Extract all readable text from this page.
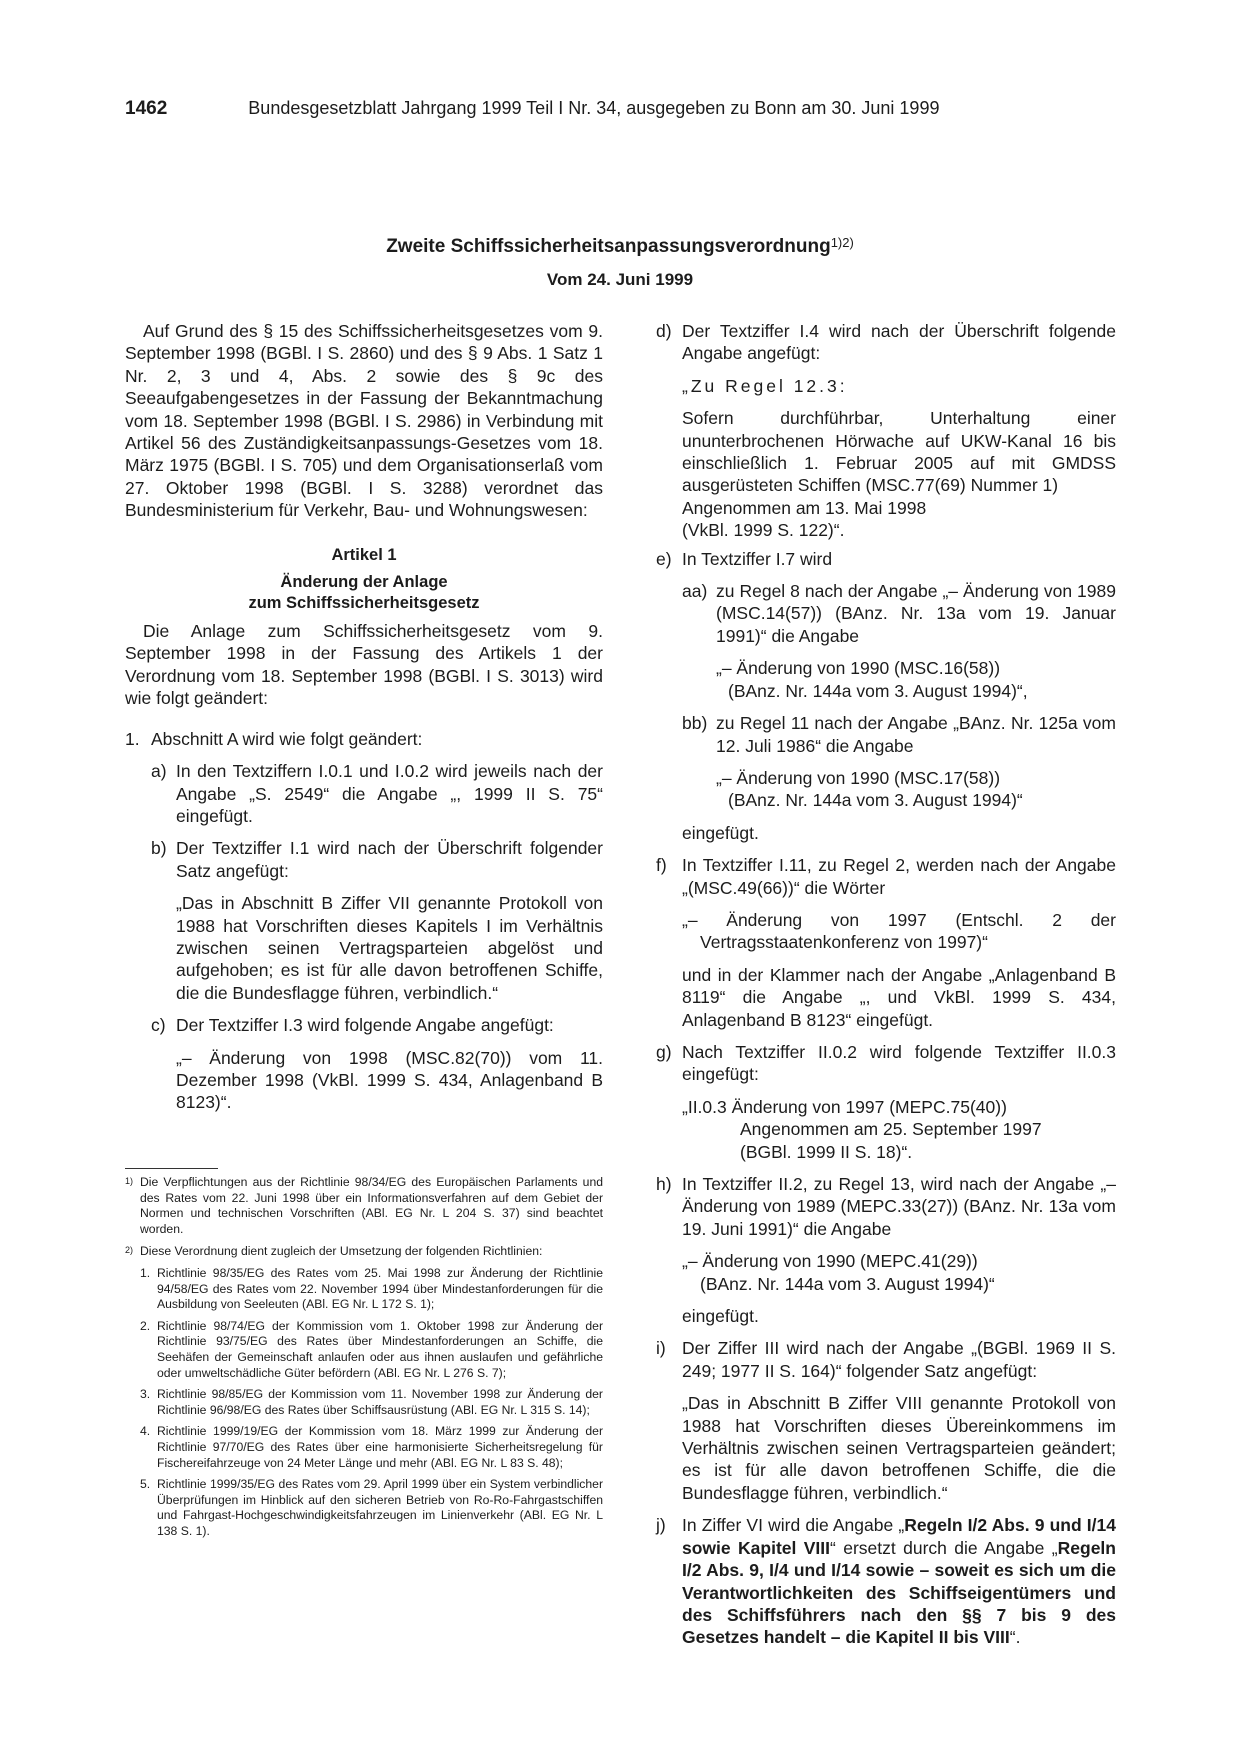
1462	Bundesgesetzblatt Jahrgang 1999 Teil I Nr. 34, ausgegeben zu Bonn am 30. Juni 1999
Zweite Schiffssicherheitsanpassungsverordnung$^{1)2)}$
Vom 24. Juni 1999

Auf Grund des § 15 des Schiffssicherheitsgesetzes vom 9. September 1998 (BGBl. I S. 2860) und des § 9 Abs. 1 Satz 1 Nr. 2, 3 und 4, Abs. 2 sowie des § 9c des Seeaufgabengesetzes in der Fassung der Bekanntmachung vom 18. September 1998 (BGBl. I S. 2986) in Verbindung mit Artikel 56 des Zuständigkeitsanpassungs-Gesetzes vom 18. März 1975 (BGBl. I S. 705) und dem Organisationserlaß vom 27. Oktober 1998 (BGBl. I S. 3288) verordnet das Bundesministerium für Verkehr, Bau- und Wohnungswesen:

Artikel 1
Änderung der Anlage
zum Schiffssicherheitsgesetz

Die Anlage zum Schiffssicherheitsgesetz vom 9. September 1998 in der Fassung des Artikels 1 der Verordnung vom 18. September 1998 (BGBl. I S. 3013) wird wie folgt geändert:

1. Abschnitt A wird wie folgt geändert:
a) In den Textziffern I.0.1 und I.0.2 wird jeweils nach der Angabe „S. 2549“ die Angabe „, 1999 II S. 75“ eingefügt.
b) Der Textziffer I.1 wird nach der Überschrift folgender Satz angefügt:

„Das in Abschnitt B Ziffer VII genannte Protokoll von 1988 hat Vorschriften dieses Kapitels I im Verhältnis zwischen seinen Vertragsparteien abgelöst und aufgehoben; es ist für alle davon betroffenen Schiffe, die die Bundesflagge führen, verbindlich.“

c) Der Textziffer I.3 wird folgende Angabe angefügt:

„– Änderung von 1998 (MSC.82(70)) vom 11. Dezember 1998 (VkBl. 1999 S. 434, Anlagenband B 8123)“.

1) Die Verpflichtungen aus der Richtlinie 98/34/EG des Europäischen Parlaments und des Rates vom 22. Juni 1998 über ein Informationsverfahren auf dem Gebiet der Normen und technischen Vorschriften (ABl. EG Nr. L 204 S. 37) sind beachtet worden.
2) Diese Verordnung dient zugleich der Umsetzung der folgenden Richtlinien:
1. Richtlinie 98/35/EG des Rates vom 25. Mai 1998 zur Änderung der Richtlinie 94/58/EG des Rates vom 22. November 1994 über Mindestanforderungen für die Ausbildung von Seeleuten (ABl. EG Nr. L 172 S. 1);
2. Richtlinie 98/74/EG der Kommission vom 1. Oktober 1998 zur Änderung der Richtlinie 93/75/EG des Rates über Mindestanforderungen an Schiffe, die Seehäfen der Gemeinschaft anlaufen oder aus ihnen auslaufen und gefährliche oder umweltschädliche Güter befördern (ABl. EG Nr. L 276 S. 7);
3. Richtlinie 98/85/EG der Kommission vom 11. November 1998 zur Änderung der Richtlinie 96/98/EG des Rates über Schiffsausrüstung (ABl. EG Nr. L 315 S. 14);
4. Richtlinie 1999/19/EG der Kommission vom 18. März 1999 zur Änderung der Richtlinie 97/70/EG des Rates über eine harmonisierte Sicherheitsregelung für Fischereifahrzeuge von 24 Meter Länge und mehr (ABl. EG Nr. L 83 S. 48);
5. Richtlinie 1999/35/EG des Rates vom 29. April 1999 über ein System verbindlicher Überprüfungen im Hinblick auf den sicheren Betrieb von Ro-Ro-Fahrgastschiffen und Fahrgast-Hochgeschwindigkeitsfahrzeugen im Linienverkehr (ABl. EG Nr. L 138 S. 1).
d) Der Textziffer I.4 wird nach der Überschrift folgende Angabe angefügt:

„Zu Regel 12.3:

Sofern durchführbar, Unterhaltung einer ununterbrochenen Hörwache auf UKW-Kanal 16 bis einschließlich 1. Februar 2005 auf mit GMDSS ausgerüsteten Schiffen (MSC.77(69) Nummer 1)

Angenommen am 13. Mai 1998

(VkBl. 1999 S. 122)“.

e) In Textziffer I.7 wird
aa) zu Regel 8 nach der Angabe „– Änderung von 1989 (MSC.14(57)) (BAnz. Nr. 13a vom 19. Januar 1991)“ die Angabe

„– Änderung von 1990 (MSC.16(58))

(BAnz. Nr. 144a vom 3. August 1994)“,

bb) zu Regel 11 nach der Angabe „BAnz. Nr. 125a vom 12. Juli 1986“ die Angabe

„– Änderung von 1990 (MSC.17(58))

(BAnz. Nr. 144a vom 3. August 1994)“

eingefügt.

f) In Textziffer I.11, zu Regel 2, werden nach der Angabe „(MSC.49(66))“ die Wörter

„– Änderung von 1997 (Entschl. 2 der Vertragsstaatenkonferenz von 1997)“

und in der Klammer nach der Angabe „Anlagenband B 8119“ die Angabe „, und VkBl. 1999 S. 434, Anlagenband B 8123“ eingefügt.

g) Nach Textziffer II.0.2 wird folgende Textziffer II.0.3 eingefügt:

„II.0.3 Änderung von 1997 (MEPC.75(40))

Angenommen am 25. September 1997

(BGBl. 1999 II S. 18)“.

h) In Textziffer II.2, zu Regel 13, wird nach der Angabe „– Änderung von 1989 (MEPC.33(27)) (BAnz. Nr. 13a vom 19. Juni 1991)“ die Angabe

„– Änderung von 1990 (MEPC.41(29))

(BAnz. Nr. 144a vom 3. August 1994)“

eingefügt.

i) Der Ziffer III wird nach der Angabe „(BGBl. 1969 II S. 249; 1977 II S. 164)“ folgender Satz angefügt:

„Das in Abschnitt B Ziffer VIII genannte Protokoll von 1988 hat Vorschriften dieses Übereinkommens im Verhältnis zwischen seinen Vertragsparteien geändert; es ist für alle davon betroffenen Schiffe, die die Bundesflagge führen, verbindlich.“

j) In Ziffer VI wird die Angabe „Regeln I/2 Abs. 9 und I/14 sowie Kapitel VIII“ ersetzt durch die Angabe „Regeln I/2 Abs. 9, I/4 und I/14 sowie – soweit es sich um die Verantwortlichkeiten des Schiffseigentümers und des Schiffsführers nach den §§ 7 bis 9 des Gesetzes handelt – die Kapitel II bis VIII“.
